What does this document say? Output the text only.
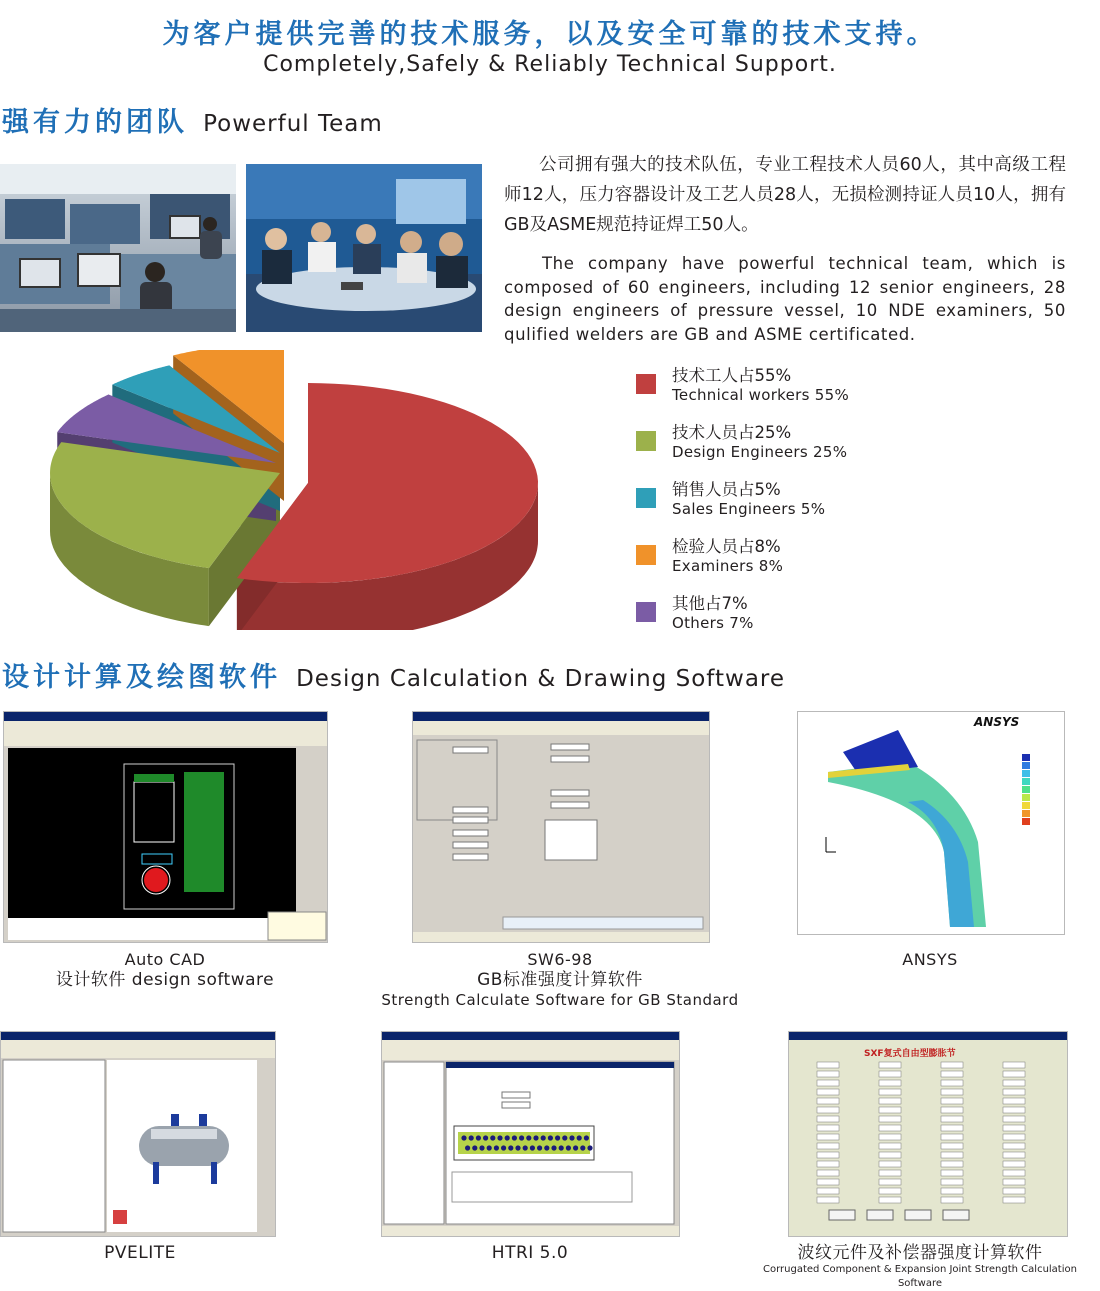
为客户提供完善的技术服务，以及安全可靠的技术支持。
Completely,Safely & Reliably Technical Support.
强有力的团队 Powerful Team
公司拥有强大的技术队伍，专业工程技术人员60人，其中高级工程师12人，压力容器设计及工艺人员28人，无损检测持证人员10人，拥有GB及ASME规范持证焊工50人。
The company have powerful technical team, which is composed of 60 engineers, including 12 senior engineers, 28 design engineers of pressure vessel, 10 NDE examiners, 50 qulified welders are GB and ASME certificated.
技术工人占55%
Technical workers 55%
技术人员占25%
Design Engineers 25%
销售人员占5%
Sales Engineers 5%
检验人员占8%
Examiners 8%
其他占7%
Others 7%
设计计算及绘图软件 Design Calculation & Drawing Software
ANSYS
Auto CAD
设计软件 design software
SW6-98
GB标准强度计算软件
Strength Calculate Software for GB Standard
ANSYS
SXF复式自由型膨胀节
PVELITE	HTRI 5.0	波纹元件及补偿器强度计算软件
Corrugated Component & Expansion Joint Strength Calculation Software
